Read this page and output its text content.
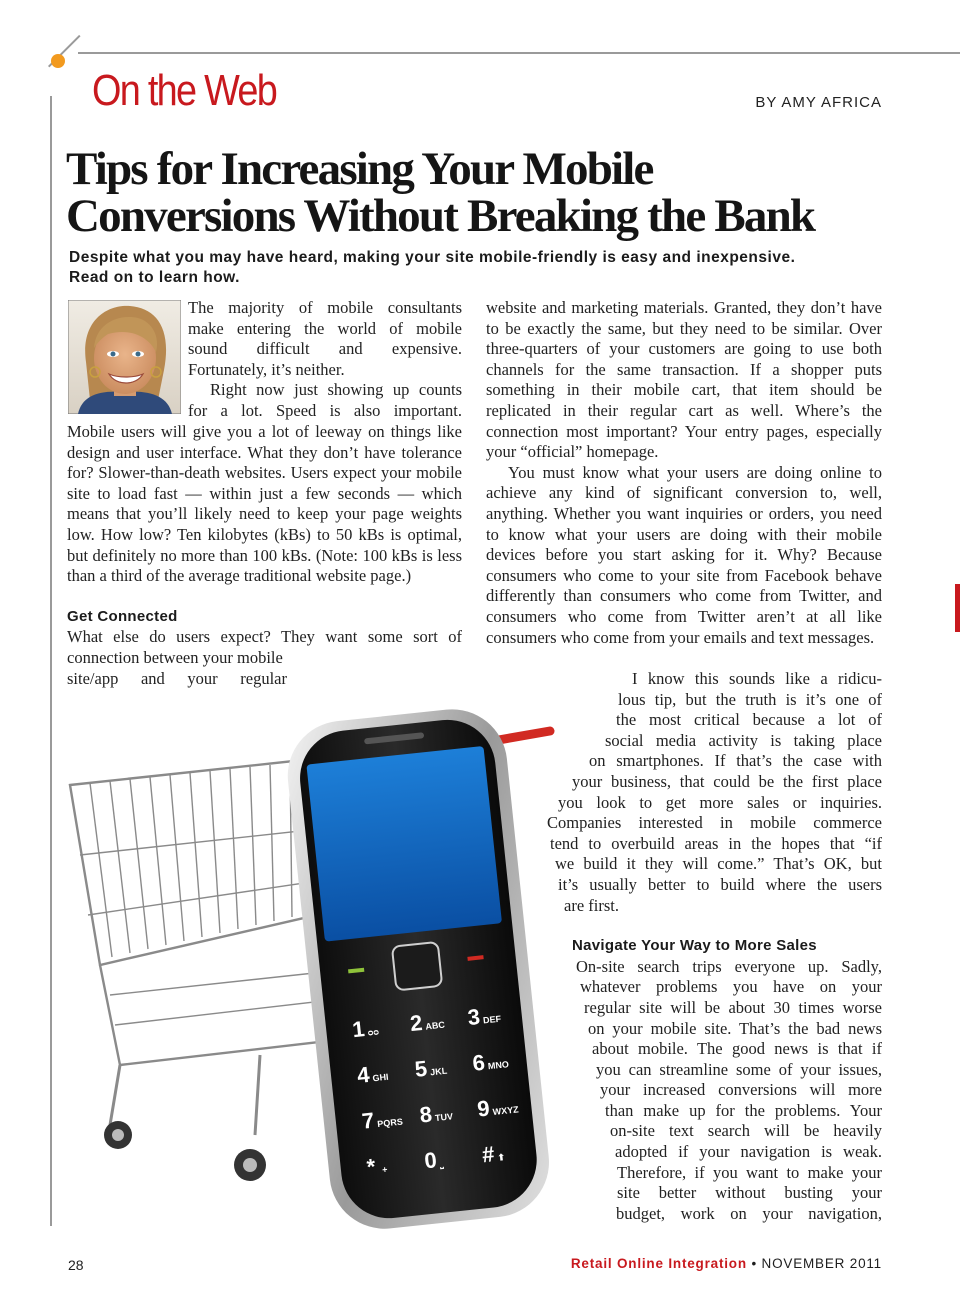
On the Web	BY AMY AFRICA
Tips for Increasing Your Mobile
Conversions Without Breaking the Bank
Despite what you may have heard, making your site mobile-friendly is easy and inexpensive. Read on to learn how.

The majority of mobile consultants

make entering the world of mobile

sound difficult and expensive.

Fortunately, it’s neither.

Right now just showing up counts

for a lot. Speed is also important.

Mobile users will give you a lot of leeway on things like design and user interface. What they don’t have tolerance for? Slower-than-death websites. Users expect your mobile site to load fast — within just a few seconds — which means that you’ll likely need to keep your page weights low. How low? Ten kilobytes (kBs) to 50 kBs is optimal, but definitely no more than 100 kBs. (Note: 100 kBs is less than a third of the average traditional website page.)

Get Connected

What else do users expect? They want some sort of

connection between your mobile

site/app and your regular

website and marketing materials. Granted, they don’t have to be exactly the same, but they need to be similar. Over three-quarters of your customers are going to use both channels for the same transaction. If a shopper puts something in their mobile cart, that item should be replicated in their regular cart as well. Where’s the connection most important? Your entry pages, especially your “official” homepage.

You must know what your users are doing online to achieve any kind of significant conversion to, well, anything. Whether you want inquiries or orders, you need to know what your users are doing with their mobile devices before you start asking for it. Why? Because consumers who come to your site from Facebook behave differently than consumers who come from Twitter, and consumers who come from Twitter aren’t at all like consumers who come from your emails and text messages.

I know this sounds like a ridicu-

lous tip, but the truth is it’s one of

the most critical because a lot of

social media activity is taking place

on smartphones. If that’s the case with

your business, that could be the first place

you look to get more sales or inquiries.

Companies interested in mobile commerce

tend to overbuild areas in the hopes that “if

we build it they will come.” That’s OK, but

it’s usually better to build where the users

are first.

Navigate Your Way to More Sales

On-site search trips everyone up. Sadly,

whatever problems you have on your

regular site will be about 30 times worse

on your mobile site. That’s the bad news

about mobile. The good news is that if

you can streamline some of your issues,

your increased conversions will more

than make up for the problems. Your

on-site text search will be heavily

adopted if your navigation is weak.

Therefore, if you want to make your

site better without busting your

budget, work on your navigation,

1 ᴑᴑ 2 ABC 3 DEF
4 GHI 5 JKL 6 MNO
7 PQRS 8 TUV 9 WXYZ
* + 0 ⎵ # ⬆
28	Retail Online Integration • NOVEMBER 2011
